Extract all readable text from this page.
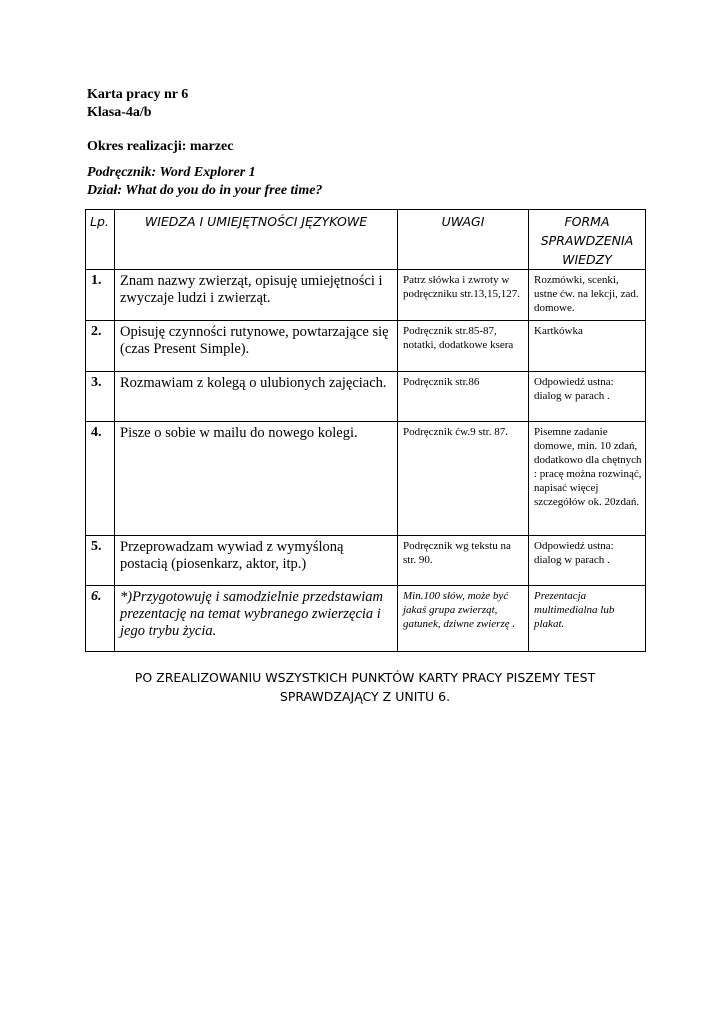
Karta pracy nr 6

Klasa-4a/b

Okres realizacji: marzec

Podręcznik: Word Explorer 1

Dział: What do you do in your free time?

Lp.	WIEDZA I UMIEJĘTNOŚCI JĘZYKOWE	UWAGI	FORMA SPRAWDZENIA WIEDZY
1.	Znam nazwy zwierząt, opisuję umiejętności i zwyczaje ludzi i zwierząt.	Patrz słówka i zwroty w podręczniku str.13,15,127.	Rozmówki, scenki, ustne ćw. na lekcji, zad. domowe.
2.	Opisuję czynności rutynowe, powtarzające się (czas Present Simple).	Podręcznik str.85-87, notatki, dodatkowe ksera	Kartkówka
3.	Rozmawiam z kolegą o ulubionych zajęciach.	Podręcznik str.86	Odpowiedź ustna: dialog w parach .
4.	Pisze o sobie w mailu do nowego kolegi.	Podręcznik ćw.9 str. 87.	Pisemne zadanie domowe, min. 10 zdań, dodatkowo dla chętnych : pracę można rozwinąć, napisać więcej szczegółów ok. 20zdań.
5.	Przeprowadzam wywiad z wymyśloną postacią (piosenkarz, aktor, itp.)	Podręcznik wg tekstu na str. 90.	Odpowiedź ustna: dialog w parach .
6.	*)Przygotowuję i samodzielnie przedstawiam prezentację na temat wybranego zwierzęcia i jego trybu życia.	Min.100 słów, może być jakaś grupa zwierząt, gatunek, dziwne zwierzę .	Prezentacja multimedialna lub plakat.
PO ZREALIZOWANIU WSZYSTKICH PUNKTÓW KARTY PRACY PISZEMY TEST
SPRAWDZAJĄCY Z UNITU 6.
